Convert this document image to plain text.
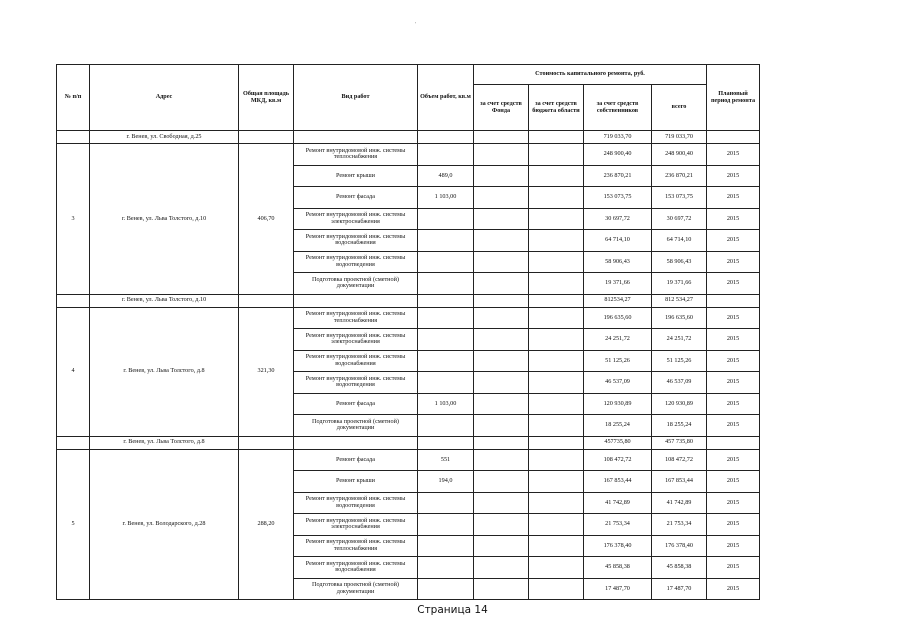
'
№ п/п	Адрес	Общая площадь МКД, кв.м	Вид работ	Объем работ, кв.м	Стоимость капитального ремонта, руб.				Плановый период ремонта
					за счет средств Фонда	за счет средств бюджета области	за счет средств собственников	всего	
	г. Венев, ул. Свободная, д.25						719 033,70	719 033,70	
3	г. Венев, ул. Льва Толстого, д.10	406,70	Ремонт внутридомовой инж. системы теплоснабжения				248 900,40	248 900,40	2015
			Ремонт крыши	489,0			236 870,21	236 870,21	2015
			Ремонт фасада	1 103,00			153 073,75	153 073,75	2015
			Ремонт внутридомовой инж. системы электроснабжения				30 697,72	30 697,72	2015
			Ремонт внутридомовой инж. системы водоснабжения				64 714,10	64 714,10	2015
			Ремонт внутридомовой инж. системы водоотведения				58 906,43	58 906,43	2015
			Подготовка проектной (сметной) документации				19 371,66	19 371,66	2015
	г. Венев, ул. Льва Толстого, д.10						812534,27	812 534,27	
4	г. Венев, ул. Льва Толстого, д.8	321,30	Ремонт внутридомовой инж. системы теплоснабжения				196 635,60	196 635,60	2015
			Ремонт внутридомовой инж. системы электроснабжения				24 251,72	24 251,72	2015
			Ремонт внутридомовой инж. системы водоснабжения				51 125,26	51 125,26	2015
			Ремонт внутридомовой инж. системы водоотведения				46 537,09	46 537,09	2015
			Ремонт фасада	1 103,00			120 930,89	120 930,89	2015
			Подготовка проектной (сметной) документации				18 255,24	18 255,24	2015
	г. Венев, ул. Льва Толстого, д.8						457735,80	457 735,80	
5	г. Венев, ул. Володарского, д.28	288,20	Ремонт фасада	551			108 472,72	108 472,72	2015
			Ремонт крыши	194,0			167 853,44	167 853,44	2015
			Ремонт внутридомовой инж. системы водоотведения				41 742,89	41 742,89	2015
			Ремонт внутридомовой инж. системы электроснабжения				21 753,34	21 753,34	2015
			Ремонт внутридомовой инж. системы теплоснабжения				176 378,40	176 378,40	2015
			Ремонт внутридомовой инж. системы водоснабжения				45 858,38	45 858,38	2015
			Подготовка проектной (сметной) документации				17 487,70	17 487,70	2015
Страница 14
